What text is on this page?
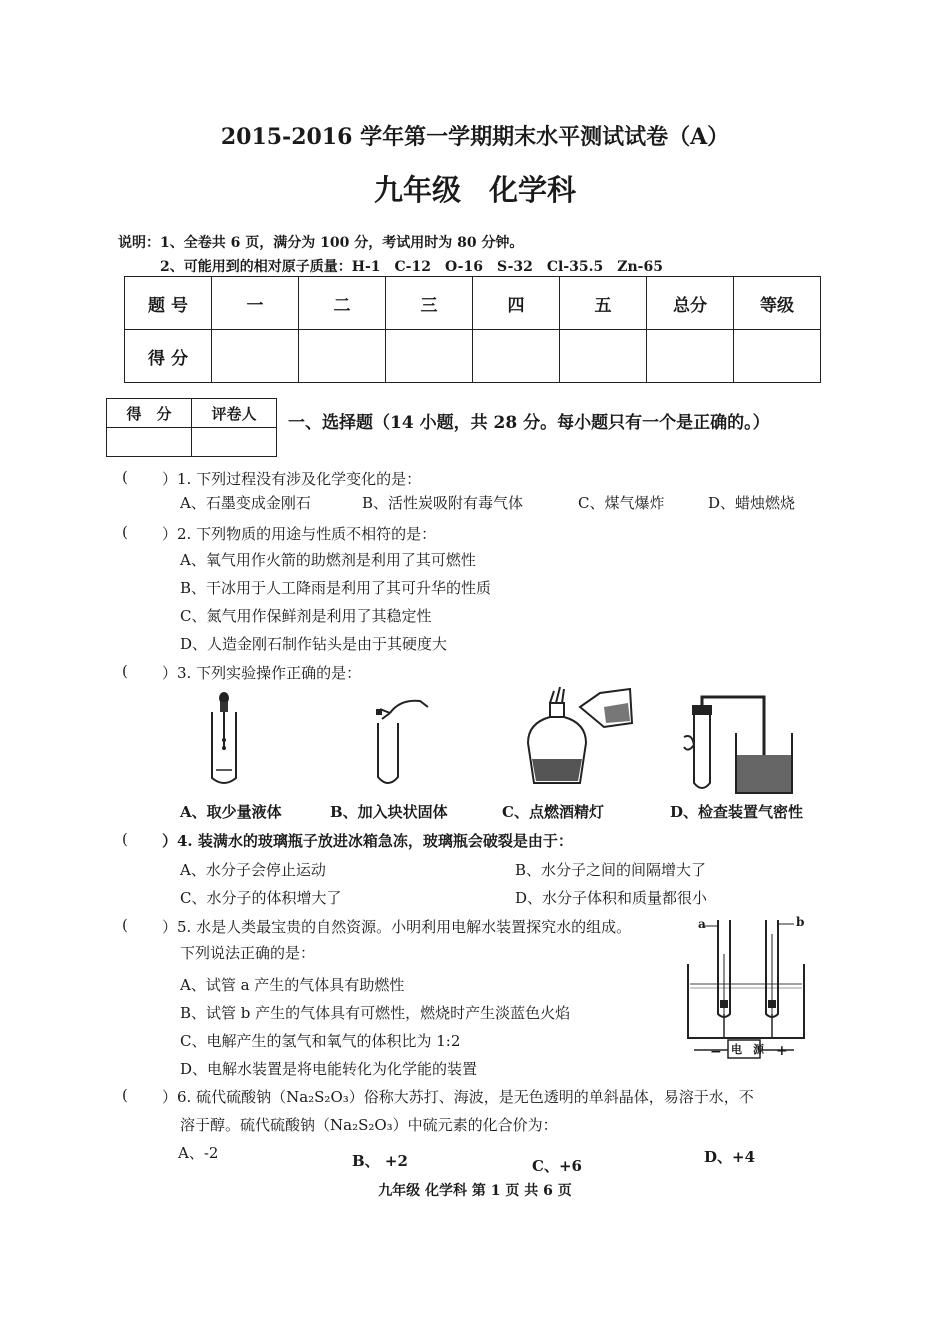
2015-2016 学年第一学期期末水平测试试卷（A）
九年级 化学科
说明：1、全卷共 6 页，满分为 100 分，考试用时为 80 分钟。
2、可能用到的相对原子质量：H-1　C-12　O-16　S-32　Cl-35.5　Zn-65
题 号	一	二	三	四	五	总分	等级
得 分							
得　分	评卷人
	一、选择题（14 小题，共 28 分。每小题只有一个是正确的。）
( ）1. 下列过程没有涉及化学变化的是：
A、石墨变成金刚石	B、活性炭吸附有毒气体	C、煤气爆炸	D、蜡烛燃烧
( ）2. 下列物质的用途与性质不相符的是：
A、氧气用作火箭的助燃剂是利用了其可燃性
B、干冰用于人工降雨是利用了其可升华的性质
C、氮气用作保鲜剂是利用了其稳定性
D、人造金刚石制作钻头是由于其硬度大
( ）3. 下列实验操作正确的是：
A、取少量液体	B、加入块状固体	C、点燃酒精灯	D、检查装置气密性
( ）4. 装满水的玻璃瓶子放进冰箱急冻，玻璃瓶会破裂是由于：
A、水分子会停止运动	B、水分子之间的间隔增大了
C、水分子的体积增大了	D、水分子体积和质量都很小
( ）5. 水是人类最宝贵的自然资源。小明利用电解水装置探究水的组成。
下列说法正确的是：
A、试管 a 产生的气体具有助燃性
B、试管 b 产生的气体具有可燃性，燃烧时产生淡蓝色火焰
C、电解产生的氢气和氧气的体积比为 1:2
D、电解水装置是将电能转化为化学能的装置
a	b
电　源
−	+
( ）6. 硫代硫酸钠（Na₂S₂O₃）俗称大苏打、海波，是无色透明的单斜晶体，易溶于水，不
溶于醇。硫代硫酸钠（Na₂S₂O₃）中硫元素的化合价为：
A、-2	B、 +2	C、+6	D、+4
九年级 化学科 第 1 页 共 6 页
